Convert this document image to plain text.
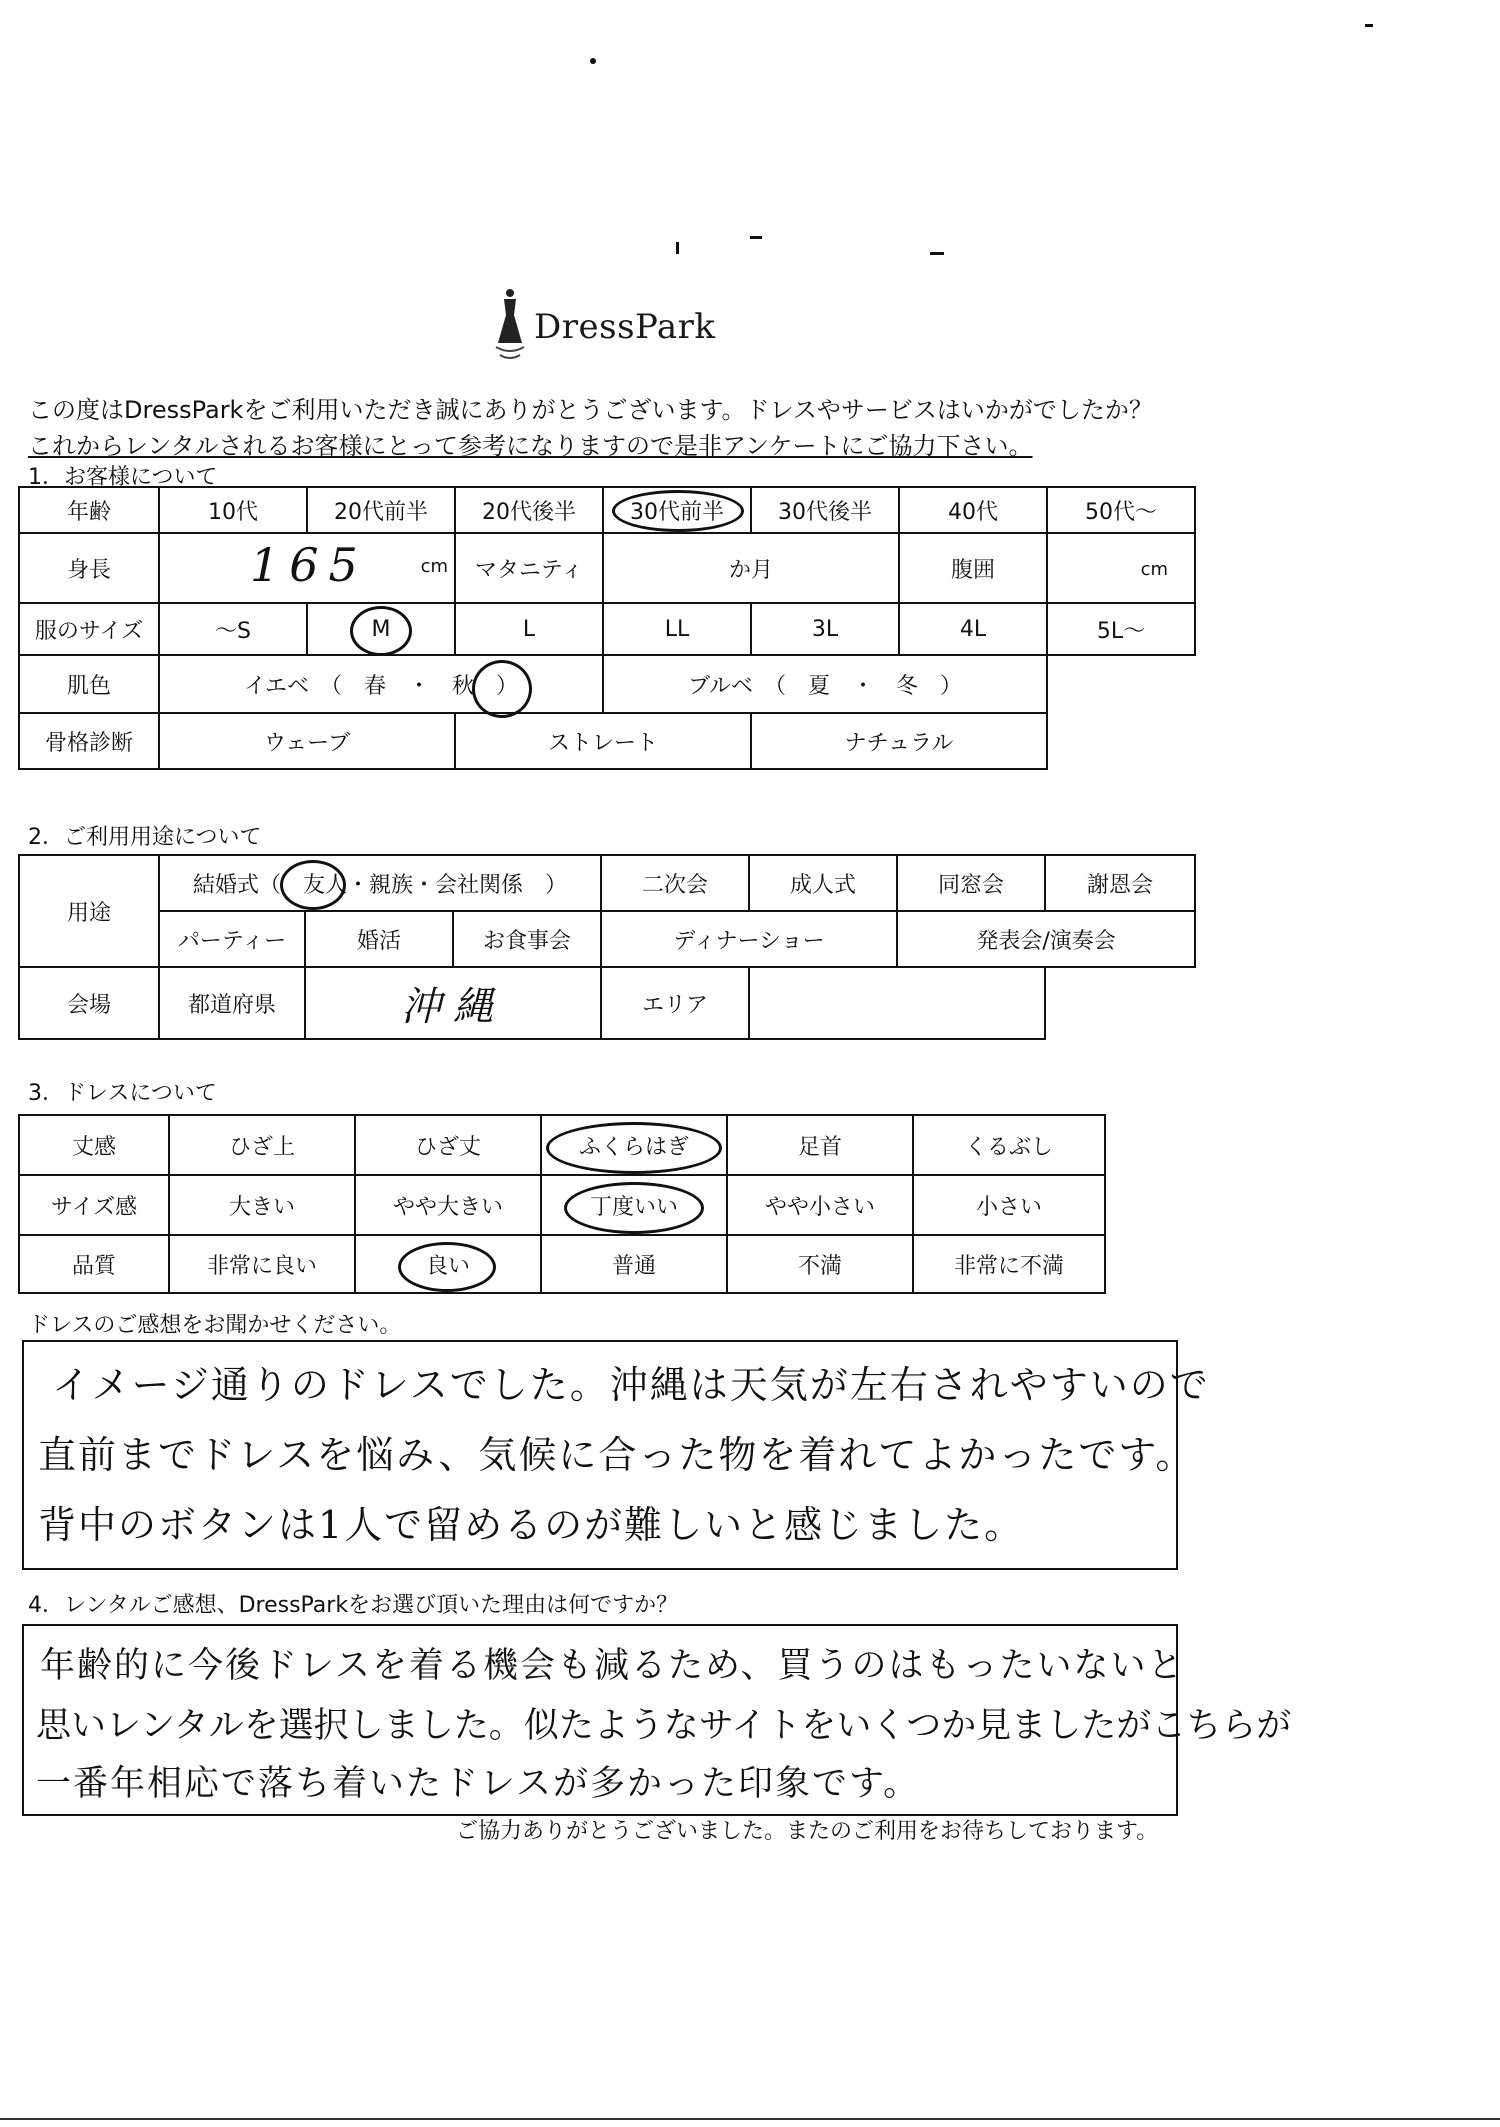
DressPark
この度はDressParkをご利用いただき誠にありがとうございます。ドレスやサービスはいかがでしたか？
これからレンタルされるお客様にとって参考になりますので是非アンケートにご協力下さい。
1．お客様について
年齢	10代	20代前半	20代後半	30代前半	30代後半	40代	50代～
身長	165 cm		マタニティ	か月		腹囲	cm
服のサイズ	～S	M	L	LL	3L	4L	5L～
肌色	イエベ　（　春　・　秋　）			ブルベ　（　夏　・　冬　）			
骨格診断	ウェーブ		ストレート		ナチュラル		
2．ご利用用途について
用途	結婚式（　友人・親族・会社関係　）			二次会	成人式	同窓会	謝恩会
	パーティー	婚活	お食事会	ディナーショー		発表会/演奏会	
会場	都道府県	沖縄		エリア			
3．ドレスについて
丈感	ひざ上	ひざ丈	ふくらはぎ	足首	くるぶし
サイズ感	大きい	やや大きい	丁度いい	やや小さい	小さい
品質	非常に良い	良い	普通	不満	非常に不満
ドレスのご感想をお聞かせください。
イメージ通りのドレスでした。沖縄は天気が左右されやすいので
直前までドレスを悩み、気候に合った物を着れてよかったです。
背中のボタンは1人で留めるのが難しいと感じました。
4．レンタルご感想、DressParkをお選び頂いた理由は何ですか？
年齢的に今後ドレスを着る機会も減るため、買うのはもったいないと
思いレンタルを選択しました。似たようなサイトをいくつか見ましたがこちらが
一番年相応で落ち着いたドレスが多かった印象です。
ご協力ありがとうございました。またのご利用をお待ちしております。
